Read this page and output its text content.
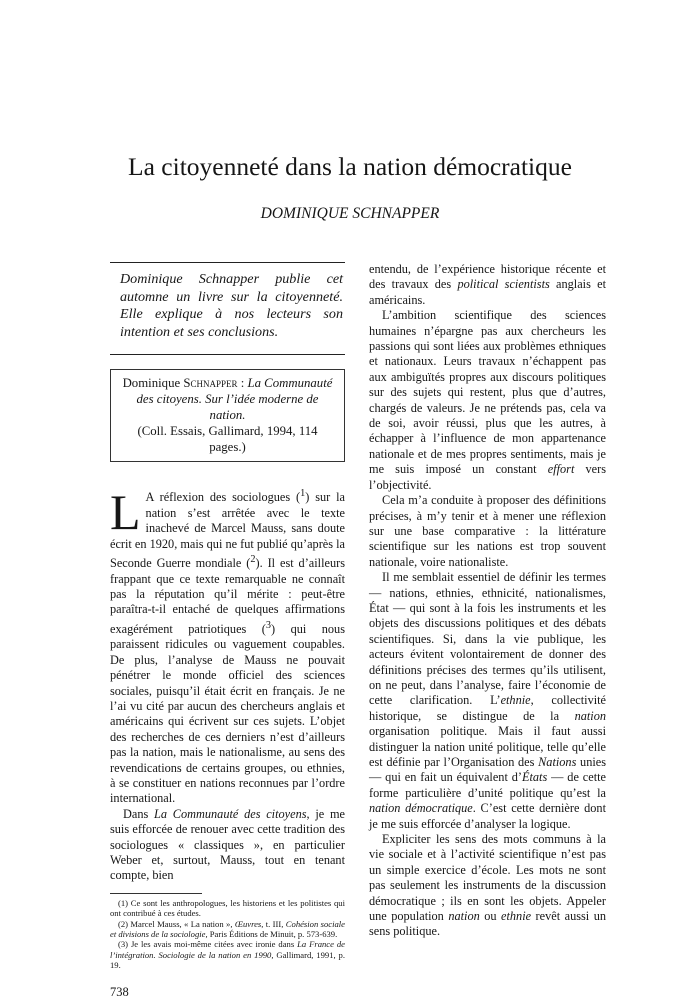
La citoyenneté dans la nation démocratique
DOMINIQUE SCHNAPPER
Dominique Schnapper publie cet automne un livre sur la citoyenneté. Elle explique à nos lecteurs son intention et ses conclusions.
Dominique Schnapper : La Communauté des citoyens. Sur l’idée moderne de nation.
(Coll. Essais, Gallimard, 1994, 114 pages.)

L A réflexion des sociologues ($^1$) sur la nation s’est arrêtée avec le texte inachevé de Marcel Mauss, sans doute écrit en 1920, mais qui ne fut publié qu’après la Seconde Guerre mondiale ($^2$). Il est d’ailleurs frappant que ce texte remarquable ne connaît pas la réputation qu’il mérite : peut-être paraîtra-t-il entaché de quelques affirmations exagérément patriotiques ($^3$) qui nous paraissent ridicules ou vaguement coupables. De plus, l’analyse de Mauss ne pouvait pénétrer le monde officiel des sciences sociales, puisqu’il était écrit en français. Je ne l’ai vu cité par aucun des chercheurs anglais et américains qui écrivent sur ces sujets. L’objet des recherches de ces derniers n’est d’ailleurs pas la nation, mais le nationalisme, au sens des revendications de certains groupes, ou ethnies, à se constituer en nations reconnues par l’ordre international.

Dans La Communauté des citoyens, je me suis efforcée de renouer avec cette tradition des sociologues « classiques », en particulier Weber et, surtout, Mauss, tout en tenant compte, bien

(1) Ce sont les anthropologues, les historiens et les politistes qui ont contribué à ces études.

(2) Marcel Mauss, « La nation », Œuvres, t. III, Cohésion sociale et divisions de la sociologie, Paris Éditions de Minuit, p. 573-639.

(3) Je les avais moi-même citées avec ironie dans La France de l’intégration. Sociologie de la nation en 1990, Gallimard, 1991, p. 19.

738

entendu, de l’expérience historique récente et des travaux des political scientists anglais et américains.

L’ambition scientifique des sciences humaines n’épargne pas aux chercheurs les passions qui sont liées aux problèmes ethniques et nationaux. Leurs travaux n’échappent pas aux ambiguïtés propres aux discours politiques sur des sujets qui restent, plus que d’autres, chargés de valeurs. Je ne prétends pas, cela va de soi, avoir réussi, plus que les autres, à échapper à l’influence de mon appartenance nationale et de mes propres sentiments, mais je me suis imposé un constant effort vers l’objectivité.

Cela m’a conduite à proposer des définitions précises, à m’y tenir et à mener une réflexion sur une base comparative : la littérature scientifique sur les nations est trop souvent nationale, voire nationaliste.

Il me semblait essentiel de définir les termes — nations, ethnies, ethnicité, nationalismes, État — qui sont à la fois les instruments et les objets des discussions politiques et des débats scientifiques. Si, dans la vie publique, les acteurs évitent volontairement de donner des définitions précises des termes qu’ils utilisent, on ne peut, dans l’analyse, faire l’économie de cette clarification. L’ethnie, collectivité historique, se distingue de la nation organisation politique. Mais il faut aussi distinguer la nation unité politique, telle qu’elle est définie par l’Organisation des Nations unies — qui en fait un équivalent d’États — de cette forme particulière d’unité politique qu’est la nation démocratique. C’est cette dernière dont je me suis efforcée d’analyser la logique.

Expliciter les sens des mots communs à la vie sociale et à l’activité scientifique n’est pas un simple exercice d’école. Les mots ne sont pas seulement les instruments de la discussion démocratique ; ils en sont les objets. Appeler une population nation ou ethnie revêt aussi un sens politique.
